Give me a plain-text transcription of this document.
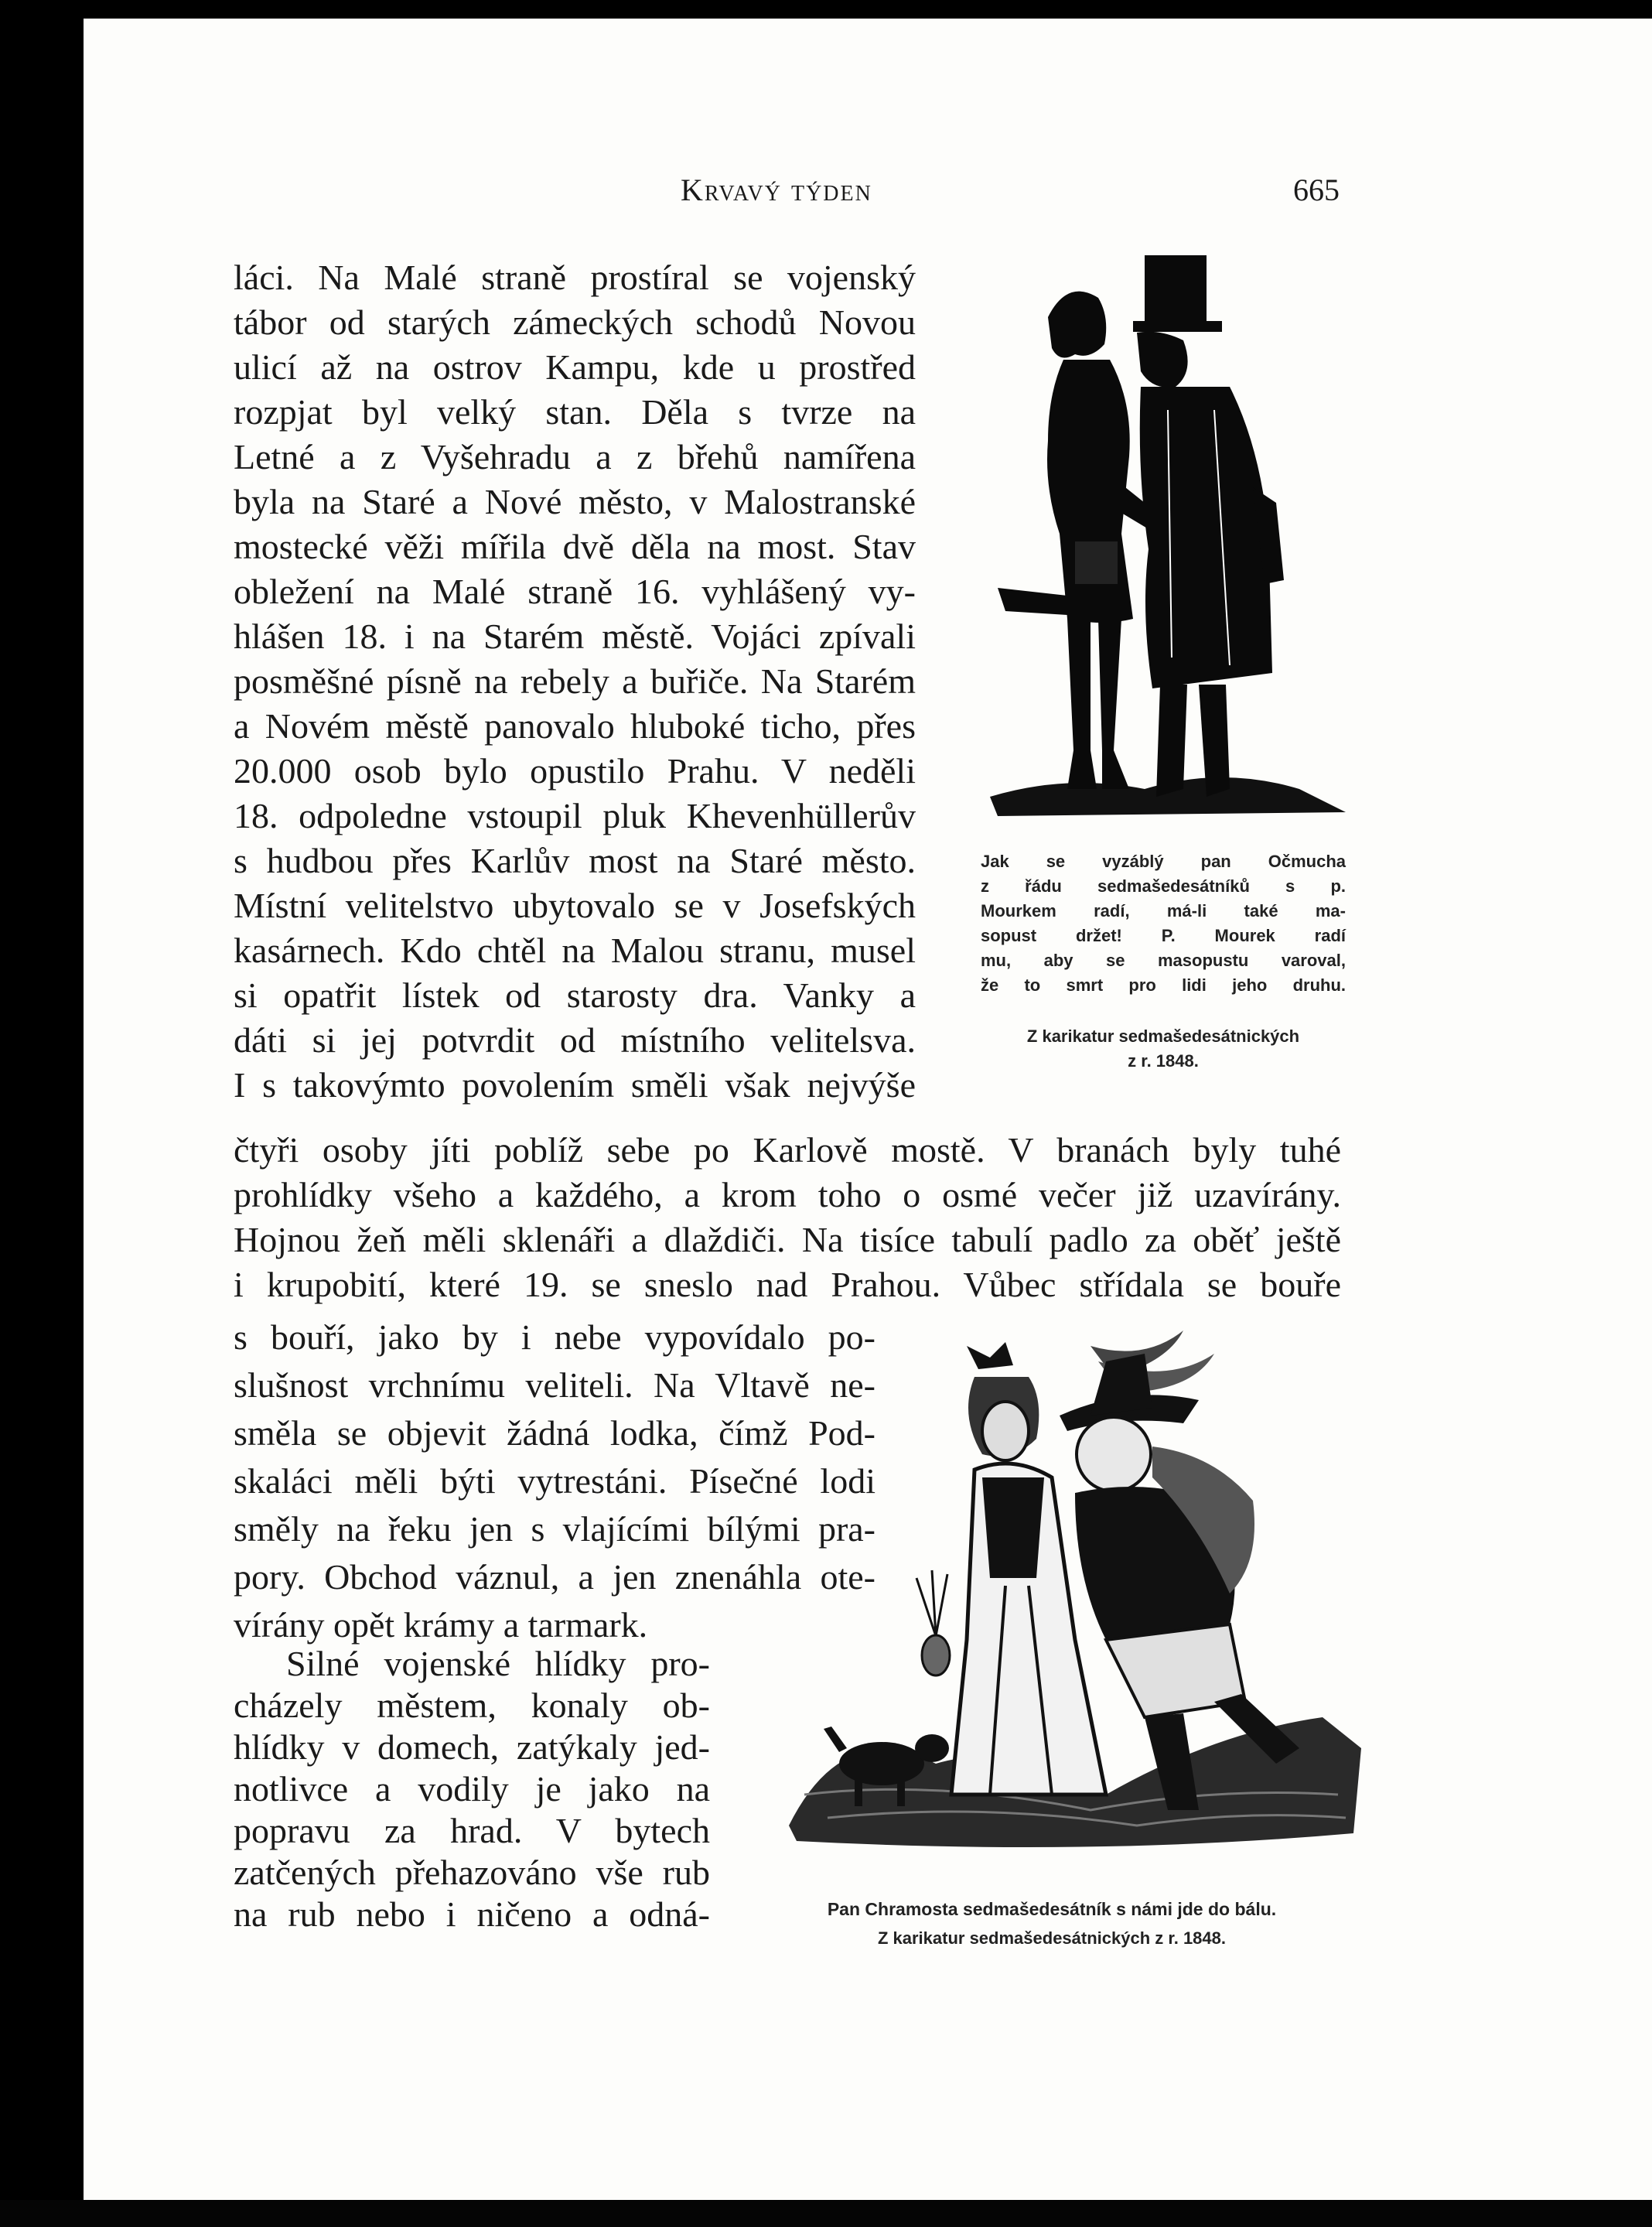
Krvavý týden	665
láci. Na Malé straně prostíral se vojenský
tábor od starých zámeckých schodů Novou
ulicí až na ostrov Kampu, kde u prostřed
rozpjat byl velký stan. Děla s tvrze na
Letné a z Vyšehradu a z břehů namířena
byla na Staré a Nové město, v Malostranské
mostecké věži mířila dvě děla na most. Stav
obležení na Malé straně 16. vyhlášený vy-
hlášen 18. i na Starém městě. Vojáci zpívali
posměšné písně na rebely a buřiče. Na Starém
a Novém městě panovalo hluboké ticho, přes
20.000 osob bylo opustilo Prahu. V neděli
18. odpoledne vstoupil pluk Khevenhüllerův
s hudbou přes Karlův most na Staré město.
Místní velitelstvo ubytovalo se v Josefských
kasárnech. Kdo chtěl na Malou stranu, musel
si opatřit lístek od starosty dra. Vanky a
dáti si jej potvrdit od místního velitelsva.
I s takovýmto povolením směli však nejvýše
čtyři osoby jíti poblíž sebe po Karlově mostě. V branách byly tuhé
prohlídky všeho a každého, a krom toho o osmé večer již uzavírány.
Hojnou žeň měli sklenáři a dlaždiči. Na tisíce tabulí padlo za oběť ještě
i krupobití, které 19. se sneslo nad Prahou. Vůbec střídala se bouře
s bouří, jako by i nebe vypovídalo po-
slušnost vrchnímu veliteli. Na Vltavě ne-
směla se objevit žádná lodka, čímž Pod-
skaláci měli býti vytrestáni. Písečné lodi
směly na řeku jen s vlajícími bílými pra-
pory. Obchod váznul, a jen znenáhla ote-
vírány opět krámy a tarmark.
Silné vojenské hlídky pro-
cházely městem, konaly ob-
hlídky v domech, zatýkaly jed-
notlivce a vodily je jako na
popravu za hrad. V bytech
zatčených přehazováno vše rub
na rub nebo i ničeno a odná-
Jak se vyzáblý pan Očmucha
z řádu sedmašedesátníků s p.
Mourkem radí, má-li také ma-
sopust držet! P. Mourek radí
mu, aby se masopustu varoval,
že to smrt pro lidi jeho druhu.
Z karikatur sedmašedesátnických
z r. 1848.
Pan Chramosta sedmašedesátník s námi jde do bálu.
Z karikatur sedmašedesátnických z r. 1848.
